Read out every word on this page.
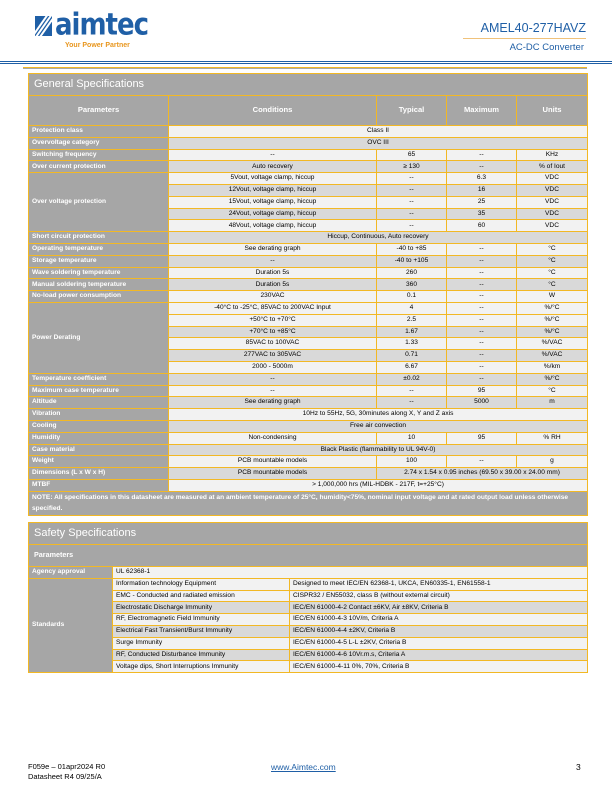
aimtec
Your Power Partner
AMEL40-277HAVZ
AC-DC Converter
General Specifications				
Parameters	Conditions	Typical	Maximum	Units
Protection class	Class II			
Overvoltage category	OVC III			
Switching frequency	--	65	--	KHz
Over current protection	Auto recovery	≥ 130	--	% of Iout
Over voltage protection	5Vout, voltage clamp, hiccup	--	6.3	VDC
	12Vout, voltage clamp, hiccup	--	16	VDC
	15Vout, voltage clamp, hiccup	--	25	VDC
	24Vout, voltage clamp, hiccup	--	35	VDC
	48Vout, voltage clamp, hiccup	--	60	VDC
Short circuit protection	Hiccup, Continuous, Auto recovery			
Operating temperature	See derating graph	-40 to +85	--	°C
Storage temperature	--	-40 to +105	--	°C
Wave soldering temperature	Duration 5s	260	--	°C
Manual soldering temperature	Duration 5s	360	--	°C
No-load power consumption	230VAC	0.1	--	W
Power Derating	-40°C to -25°C, 85VAC to 200VAC Input	4	--	%/°C
	+50°C to +70°C	2.5	--	%/°C
	+70°C to +85°C	1.67	--	%/°C
	85VAC to 100VAC	1.33	--	%/VAC
	277VAC to 305VAC	0.71	--	%/VAC
	2000 - 5000m	6.67	--	%/km
Temperature coefficient	--	±0.02	--	%/°C
Maximum case temperature	--	--	95	°C
Altitude	See derating graph	--	5000	m
Vibration	10Hz to 55Hz, 5G, 30minutes along X, Y and Z axis			
Cooling	Free air convection			
Humidity	Non-condensing	10	95	% RH
Case material	Black Plastic (flammability to UL 94V-0)			
Weight	PCB mountable models	100	--	g
Dimensions (L x W x H)	PCB mountable models	2.74 x 1.54 x 0.95 inches (69.50 x 39.00 x 24.00 mm)		
MTBF	> 1,000,000 hrs (MIL-HDBK - 217F, t=+25°C)			
NOTE: All specifications in this datasheet are measured at an ambient temperature of 25°C, humidity<75%, nominal input voltage and at rated output load unless otherwise specified.				
Safety Specifications		
Parameters		
Agency approval	UL 62368-1	
Standards	Information technology Equipment	Designed to meet IEC/EN 62368-1, UKCA, EN60335-1, EN61558-1
	EMC - Conducted and radiated emission	CISPR32 / EN55032, class B (without external circuit)
	Electrostatic Discharge Immunity	IEC/EN 61000-4-2 Contact ±6KV, Air ±8KV, Criteria B
	RF, Electromagnetic Field Immunity	IEC/EN 61000-4-3 10V/m, Criteria A
	Electrical Fast Transient/Burst Immunity	IEC/EN 61000-4-4 ±2KV, Criteria B
	Surge Immunity	IEC/EN 61000-4-5 L-L ±2KV, Criteria B
	RF, Conducted Disturbance Immunity	IEC/EN 61000-4-6 10Vr.m.s, Criteria A
	Voltage dips, Short Interruptions Immunity	IEC/EN 61000-4-11 0%, 70%, Criteria B
F059e – 01apr2024 R0
Datasheet R4 09/25/A
www.Aimtec.com	3
